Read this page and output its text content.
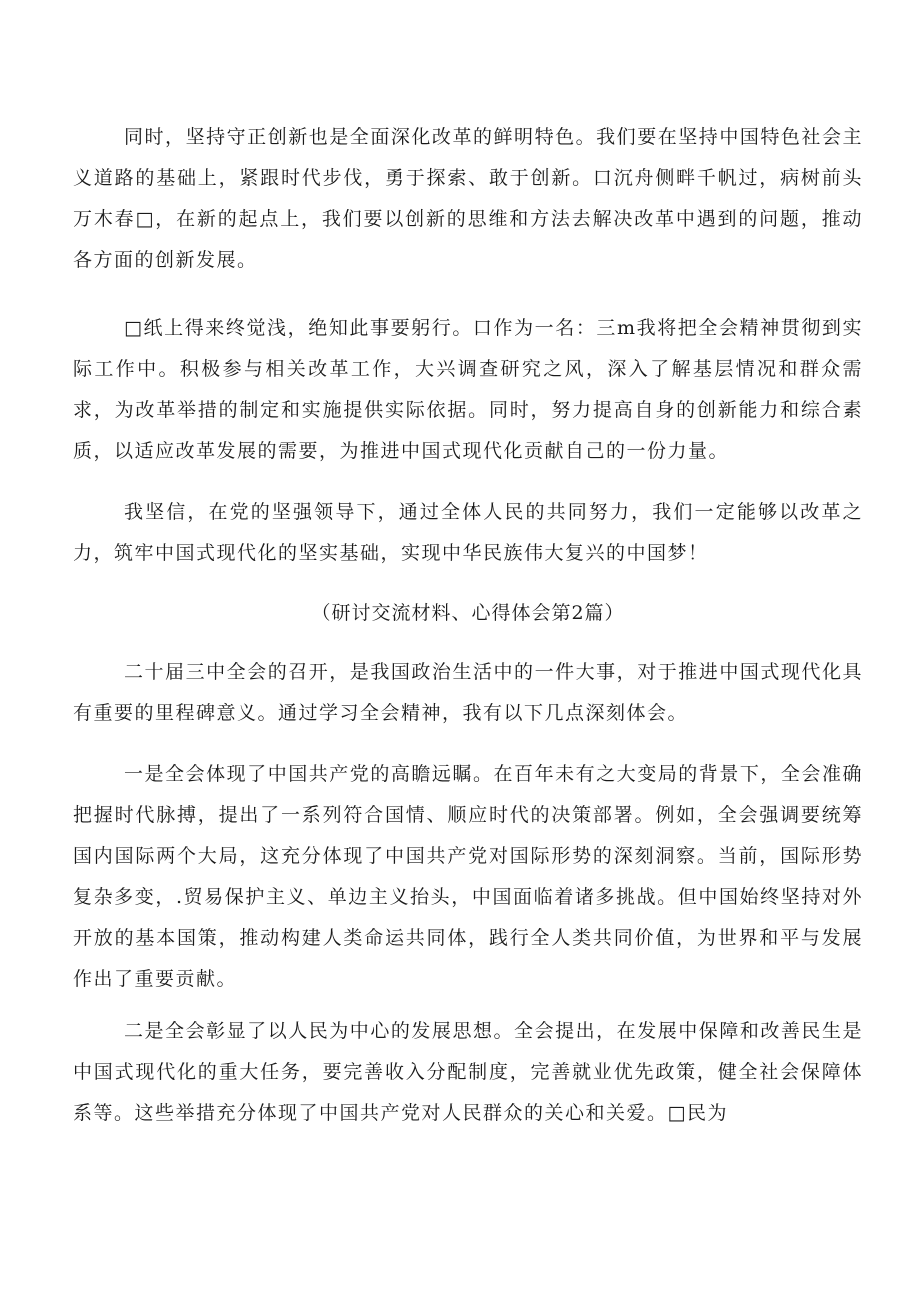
同时，坚持守正创新也是全面深化改革的鲜明特色。我们要在坚持中国特色社会主义道路的基础上，紧跟时代步伐，勇于探索、敢于创新。口沉舟侧畔千帆过，病树前头万木春□，在新的起点上，我们要以创新的思维和方法去解决改革中遇到的问题，推动各方面的创新发展。

□纸上得来终觉浅，绝知此事要躬行。口作为一名：三m我将把全会精神贯彻到实际工作中。积极参与相关改革工作，大兴调查研究之风，深入了解基层情况和群众需求，为改革举措的制定和实施提供实际依据。同时，努力提高自身的创新能力和综合素质，以适应改革发展的需要，为推进中国式现代化贡献自己的一份力量。

我坚信，在党的坚强领导下，通过全体人民的共同努力，我们一定能够以改革之力，筑牢中国式现代化的坚实基础，实现中华民族伟大复兴的中国梦！

（研讨交流材料、心得体会第2篇）

二十届三中全会的召开，是我国政治生活中的一件大事，对于推进中国式现代化具有重要的里程碑意义。通过学习全会精神，我有以下几点深刻体会。

一是全会体现了中国共产党的高瞻远瞩。在百年未有之大变局的背景下，全会准确把握时代脉搏，提出了一系列符合国情、顺应时代的决策部署。例如，全会强调要统筹国内国际两个大局，这充分体现了中国共产党对国际形势的深刻洞察。当前，国际形势复杂多变，.贸易保护主义、单边主义抬头，中国面临着诸多挑战。但中国始终坚持对外开放的基本国策，推动构建人类命运共同体，践行全人类共同价值，为世界和平与发展作出了重要贡献。

二是全会彰显了以人民为中心的发展思想。全会提出，在发展中保障和改善民生是中国式现代化的重大任务，要完善收入分配制度，完善就业优先政策，健全社会保障体系等。这些举措充分体现了中国共产党对人民群众的关心和关爱。□民为
